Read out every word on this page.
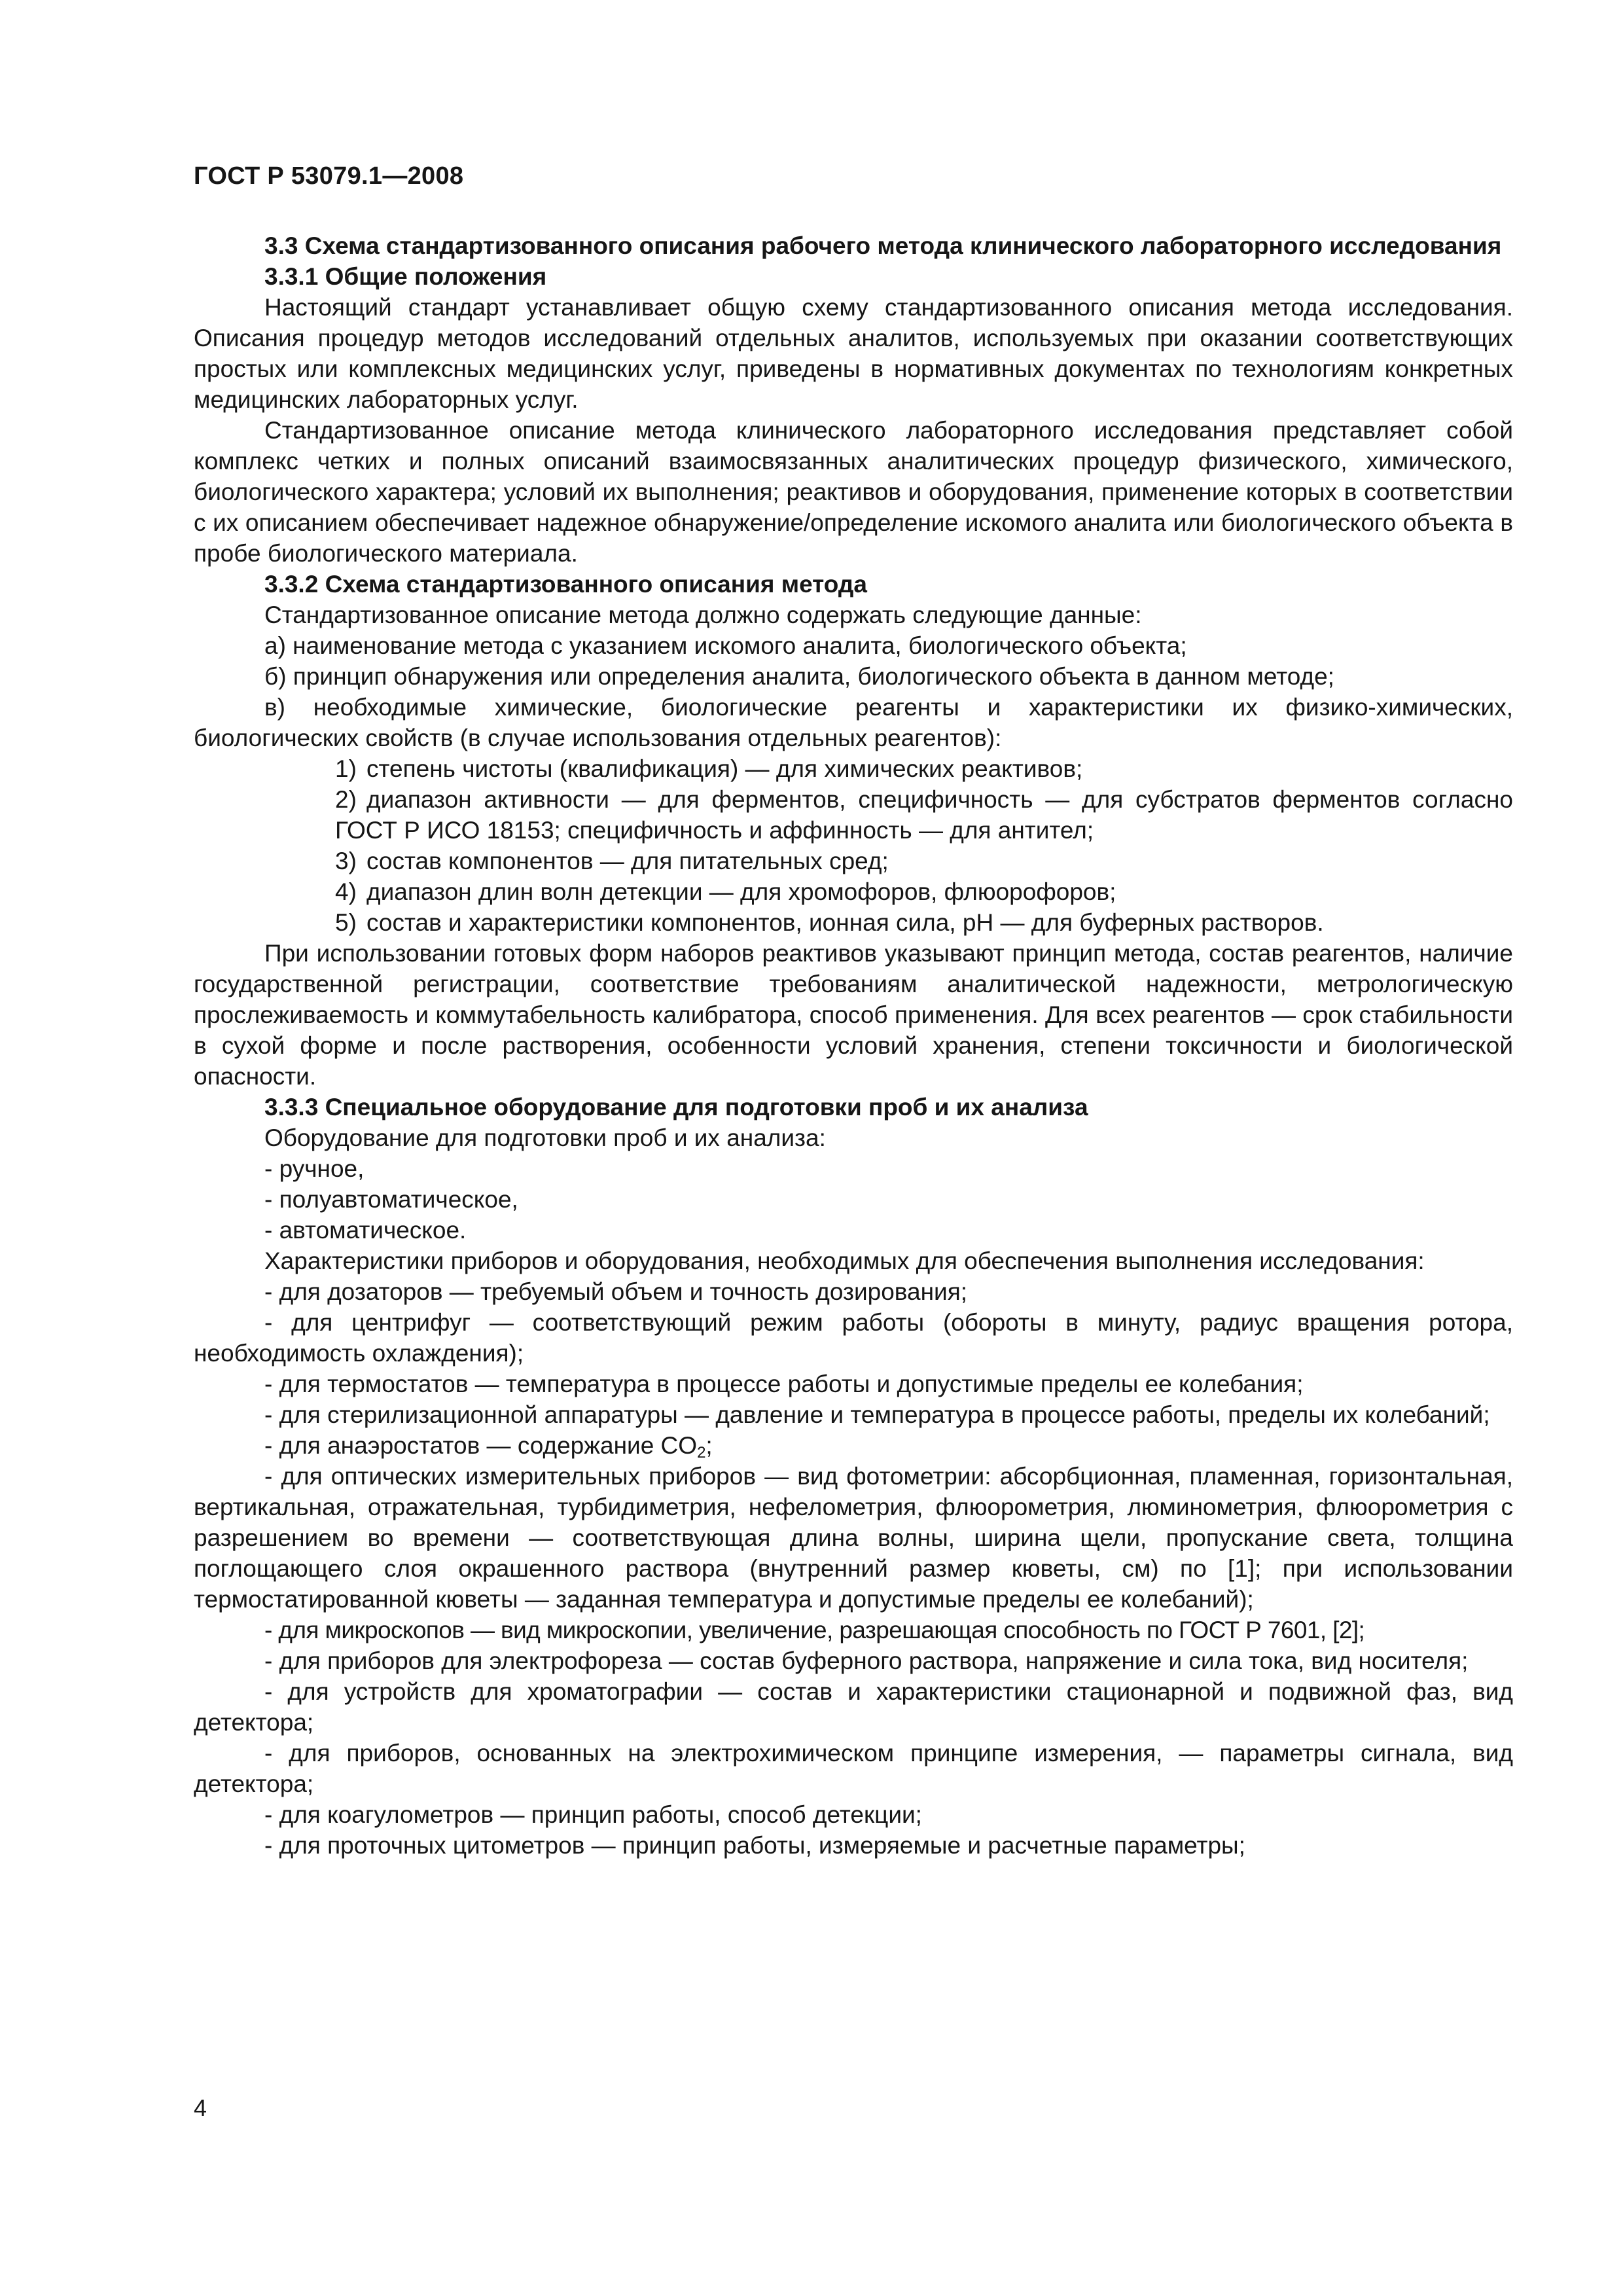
ГОСТ Р 53079.1—2008

3.3 Схема стандартизованного описания рабочего метода клинического лабораторного исследования

3.3.1 Общие положения

Настоящий стандарт устанавливает общую схему стандартизованного описания метода исследования. Описания процедур методов исследований отдельных аналитов, используемых при оказании соответствующих простых или комплексных медицинских услуг, приведены в нормативных документах по технологиям конкретных медицинских лабораторных услуг.

Стандартизованное описание метода клинического лабораторного исследования представляет собой комплекс четких и полных описаний взаимосвязанных аналитических процедур физического, химического, биологического характера; условий их выполнения; реактивов и оборудования, применение которых в соответствии с их описанием обеспечивает надежное обнаружение/определение искомого аналита или биологического объекта в пробе биологического материала.

3.3.2 Схема стандартизованного описания метода

Стандартизованное описание метода должно содержать следующие данные:

а) наименование метода с указанием искомого аналита, биологического объекта;

б) принцип обнаружения или определения аналита, биологического объекта в данном методе;

в) необходимые химические, биологические реагенты и характеристики их физико-химических, биологических свойств (в случае использования отдельных реагентов):

1) степень чистоты (квалификация) — для химических реактивов;

2) диапазон активности — для ферментов, специфичность — для субстратов ферментов согласно ГОСТ Р ИСО 18153; специфичность и аффинность — для антител;

3) состав компонентов — для питательных сред;

4) диапазон длин волн детекции — для хромофоров, флюорофоров;

5) состав и характеристики компонентов, ионная сила, pH — для буферных растворов.

При использовании готовых форм наборов реактивов указывают принцип метода, состав реагентов, наличие государственной регистрации, соответствие требованиям аналитической надежности, метрологическую прослеживаемость и коммутабельность калибратора, способ применения. Для всех реагентов — срок стабильности в сухой форме и после растворения, особенности условий хранения, степени токсичности и биологической опасности.

3.3.3 Специальное оборудование для подготовки проб и их анализа

Оборудование для подготовки проб и их анализа:

- ручное,

- полуавтоматическое,

- автоматическое.

Характеристики приборов и оборудования, необходимых для обеспечения выполнения исследования:

- для дозаторов — требуемый объем и точность дозирования;

- для центрифуг — соответствующий режим работы (обороты в минуту, радиус вращения ротора, необходимость охлаждения);

- для термостатов — температура в процессе работы и допустимые пределы ее колебания;

- для стерилизационной аппаратуры — давление и температура в процессе работы, пределы их колебаний;

- для анаэростатов — содержание $CO_2$;

- для оптических измерительных приборов — вид фотометрии: абсорбционная, пламенная, горизонтальная, вертикальная, отражательная, турбидиметрия, нефелометрия, флюорометрия, люминометрия, флюорометрия с разрешением во времени — соответствующая длина волны, ширина щели, пропускание света, толщина поглощающего слоя окрашенного раствора (внутренний размер кюветы, см) по [1]; при использовании термостатированной кюветы — заданная температура и допустимые пределы ее колебаний);

- для микроскопов — вид микроскопии, увеличение, разрешающая способность по ГОСТ Р 7601, [2];

- для приборов для электрофореза — состав буферного раствора, напряжение и сила тока, вид носителя;

- для устройств для хроматографии — состав и характеристики стационарной и подвижной фаз, вид детектора;

- для приборов, основанных на электрохимическом принципе измерения, — параметры сигнала, вид детектора;

- для коагулометров — принцип работы, способ детекции;

- для проточных цитометров — принцип работы, измеряемые и расчетные параметры;

4
